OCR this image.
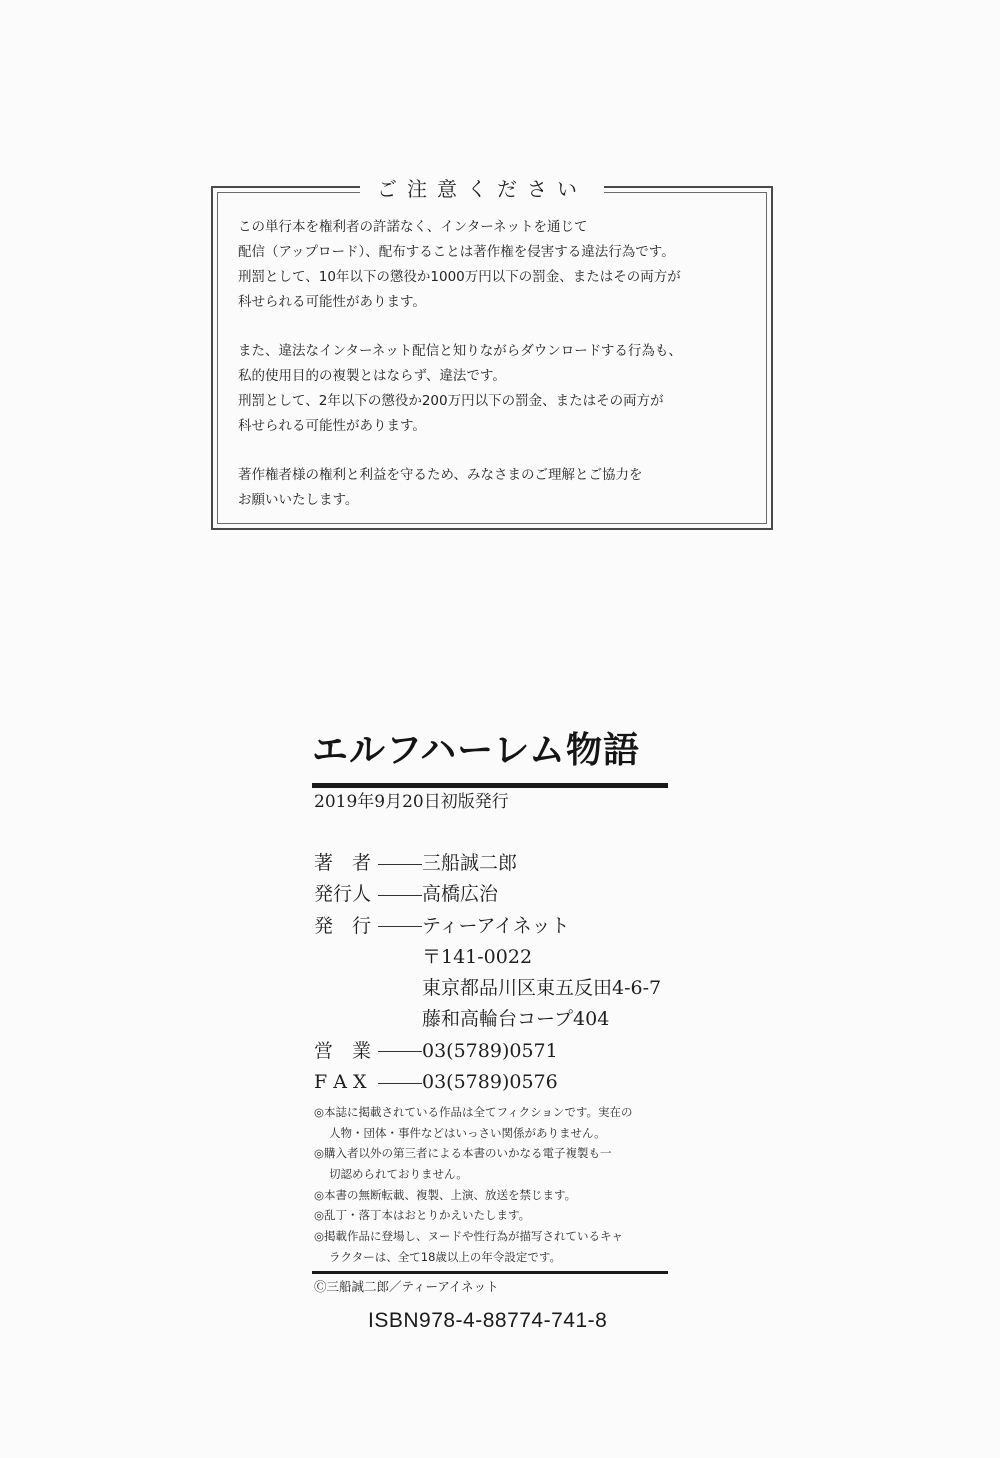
ご注意ください
この単行本を権利者の許諾なく、インターネットを通じて
配信（アップロード）、配布することは著作権を侵害する違法行為です。
刑罰として、10年以下の懲役か1000万円以下の罰金、またはその両方が
科せられる可能性があります。
また、違法なインターネット配信と知りながらダウンロードする行為も、
私的使用目的の複製とはならず、違法です。
刑罰として、2年以下の懲役か200万円以下の罰金、またはその両方が
科せられる可能性があります。
著作権者様の権利と利益を守るため、みなさまのご理解とご協力を
お願いいたします。
エルフハーレム物語
2019年9月20日初版発行
著　者	三船誠二郎
発行人	高橋広治
発　行	ティーアイネット
〒141-0022
東京都品川区東五反田4-6-7
藤和高輪台コープ404
営　業	03(5789)0571
F A X	03(5789)0576
◎本誌に掲載されている作品は全てフィクションです。実在の
人物・団体・事件などはいっさい関係がありません。
◎購入者以外の第三者による本書のいかなる電子複製も一
切認められておりません。
◎本書の無断転載、複製、上演、放送を禁じます。
◎乱丁・落丁本はおとりかえいたします。
◎掲載作品に登場し、ヌードや性行為が描写されているキャ
ラクターは、全て18歳以上の年令設定です。
Ⓒ三船誠二郎／ティーアイネット
ISBN978-4-88774-741-8
